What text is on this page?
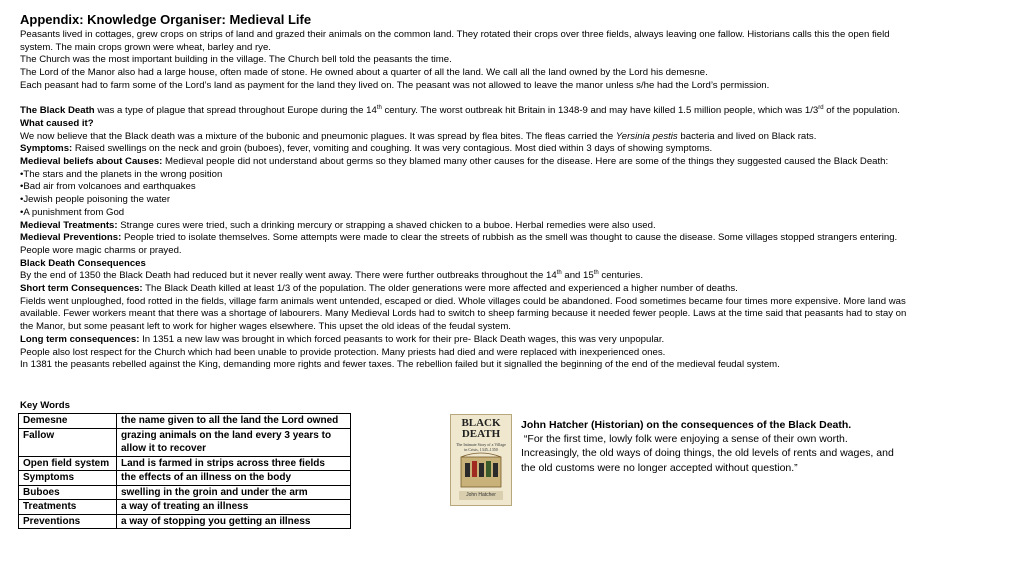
Appendix: Knowledge Organiser: Medieval Life

Peasants lived in cottages, grew crops on strips of land and grazed their animals on the common land. They rotated their crops over three fields, always leaving one fallow. Historians calls this the open field system. The main crops grown were wheat, barley and rye.

The Church was the most important building in the village. The Church bell told the peasants the time.

The Lord of the Manor also had a large house, often made of stone. He owned about a quarter of all the land. We call all the land owned by the Lord his demesne.

Each peasant had to farm some of the Lord’s land as payment for the land they lived on. The peasant was not allowed to leave the manor unless s/he had the Lord’s permission.

The Black Death was a type of plague that spread throughout Europe during the 14th century. The worst outbreak hit Britain in 1348-9 and may have killed 1.5 million people, which was 1/3rd of the population.

What caused it?

We now believe that the Black death was a mixture of the bubonic and pneumonic plagues. It was spread by flea bites. The fleas carried the Yersinia pestis bacteria and lived on Black rats.

Symptoms: Raised swellings on the neck and groin (buboes), fever, vomiting and coughing. It was very contagious. Most died within 3 days of showing symptoms.

Medieval beliefs about Causes: Medieval people did not understand about germs so they blamed many other causes for the disease. Here are some of the things they suggested caused the Black Death:

•The stars and the planets in the wrong position

•Bad air from volcanoes and earthquakes

•Jewish people poisoning the water

•A punishment from God

Medieval Treatments: Strange cures were tried, such a drinking mercury or strapping a shaved chicken to a buboe. Herbal remedies were also used.

Medieval Preventions: People tried to isolate themselves. Some attempts were made to clear the streets of rubbish as the smell was thought to cause the disease. Some villages stopped strangers entering. People wore magic charms or prayed.

Black Death Consequences

By the end of 1350 the Black Death had reduced but it never really went away. There were further outbreaks throughout the 14th and 15th centuries.

Short term Consequences: The Black Death killed at least 1/3 of the population. The older generations were more affected and experienced a higher number of deaths.

Fields went unploughed, food rotted in the fields, village farm animals went untended, escaped or died. Whole villages could be abandoned. Food sometimes became four times more expensive. More land was available. Fewer workers meant that there was a shortage of labourers. Many Medieval Lords had to switch to sheep farming because it needed fewer people. Laws at the time said that peasants had to stay on the Manor, but some peasant left to work for higher wages elsewhere. This upset the old ideas of the feudal system.

Long term consequences: In 1351 a new law was brought in which forced peasants to work for their pre- Black Death wages, this was very unpopular.

People also lost respect for the Church which had been unable to provide protection. Many priests had died and were replaced with inexperienced ones.

In 1381 the peasants rebelled against the King, demanding more rights and fewer taxes. The rebellion failed but it signalled the beginning of the end of the medieval feudal system.

Key Words
Demesne	the name given to all the land the Lord owned
Fallow	grazing animals on the land every 3 years to allow it to recover
Open field system	Land is farmed in strips across three fields
Symptoms	the effects of an illness on the body
Buboes	swelling in the groin and under the arm
Treatments	a way of treating an illness
Preventions	a way of stopping you getting an illness
BLACK DEATH
The Intimate Story of a Village in Crisis, 1345–1350
John Hatcher
John Hatcher (Historian) on the consequences of the Black Death.
“For the first time, lowly folk were enjoying a sense of their own worth. Increasingly, the old ways of doing things, the old levels of rents and wages, and the old customs were no longer accepted without question.”
